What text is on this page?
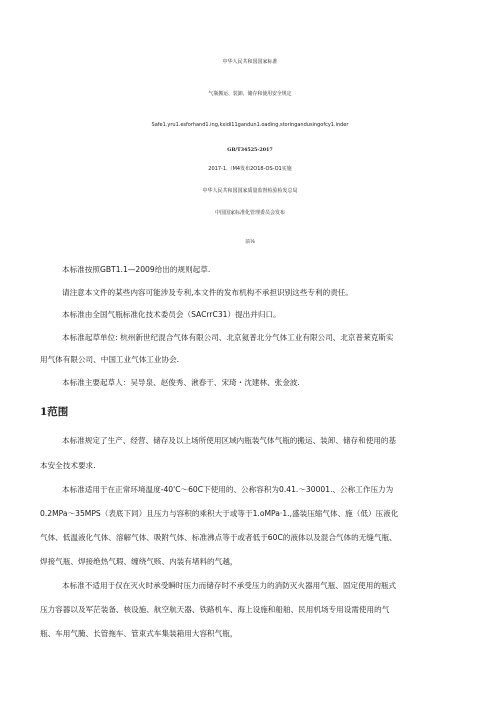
中华人民共和国国家标准
气瓶搬运、装卸、储存和使用安全规定
Safe1.yru1.esforhand1.ing,kxidi11gandun1.oading,storingandusingofcy1.inder
GB/T34525-2017
2017-1.（M4发布2O18-OS-O1实施
中华人民共和国国家质量监督检验检发总局
中国国家标准化管理委员会发布
前⅛
本标准按照GBT1.1—2009给出的规则起草.
请注意本文件的某些内容可能涉及专利,本文件的发布机构不承担识别这些专利的责任。
本标准由全国气瓶标准化技术委员会（SACrrC31）提出并归口。
本标准起草单位: 杭州新世纪混合气体有限公司、北京氦普北分气体工业有限公司、北京普莱克斯实
用气体有限公司、中国工业气体工业协会.
本标准主要起草人：吴导泉、赵俊秀、湫春干、宋琦・沈建林、张金波.
1范围
本标准规定了生产、经营、储存及以上场所使用区域内瓶装气体气瓶的搬运、装卸、储存和使用的基
本安全技术要求.
本标准适用于在正常环境温度-40'C～60C下使用的、公称容积为0.41.～30001.、公称工作压力为
0.2MPa～35MPS（表底下同）且压力与容积的乘积大于或等于1.oMPa·1.,盛装压缩气体、施（低）压液化
气体、低温液化气体、溶解气体、吸附气体、标准沸点等于或者低于60C的液体以及混合气体的无缝气瓶、
焊接气瓶、焊接绝热气瑕、缠绕气赅、内装有堵料的气越，
本标准不适用于仅在灭火时承受瞬时压力而储存时不承受压力的消防灭火器用气瓶、固定使用的瓶式
压力容器以及军茫装备、核设施、航空航天器、铁路机车、海上设施和船舶、民用机场专用设需使用的气
瓶、车用气腌、长管拖车、管束式车集装箱用大容积气瓶，
